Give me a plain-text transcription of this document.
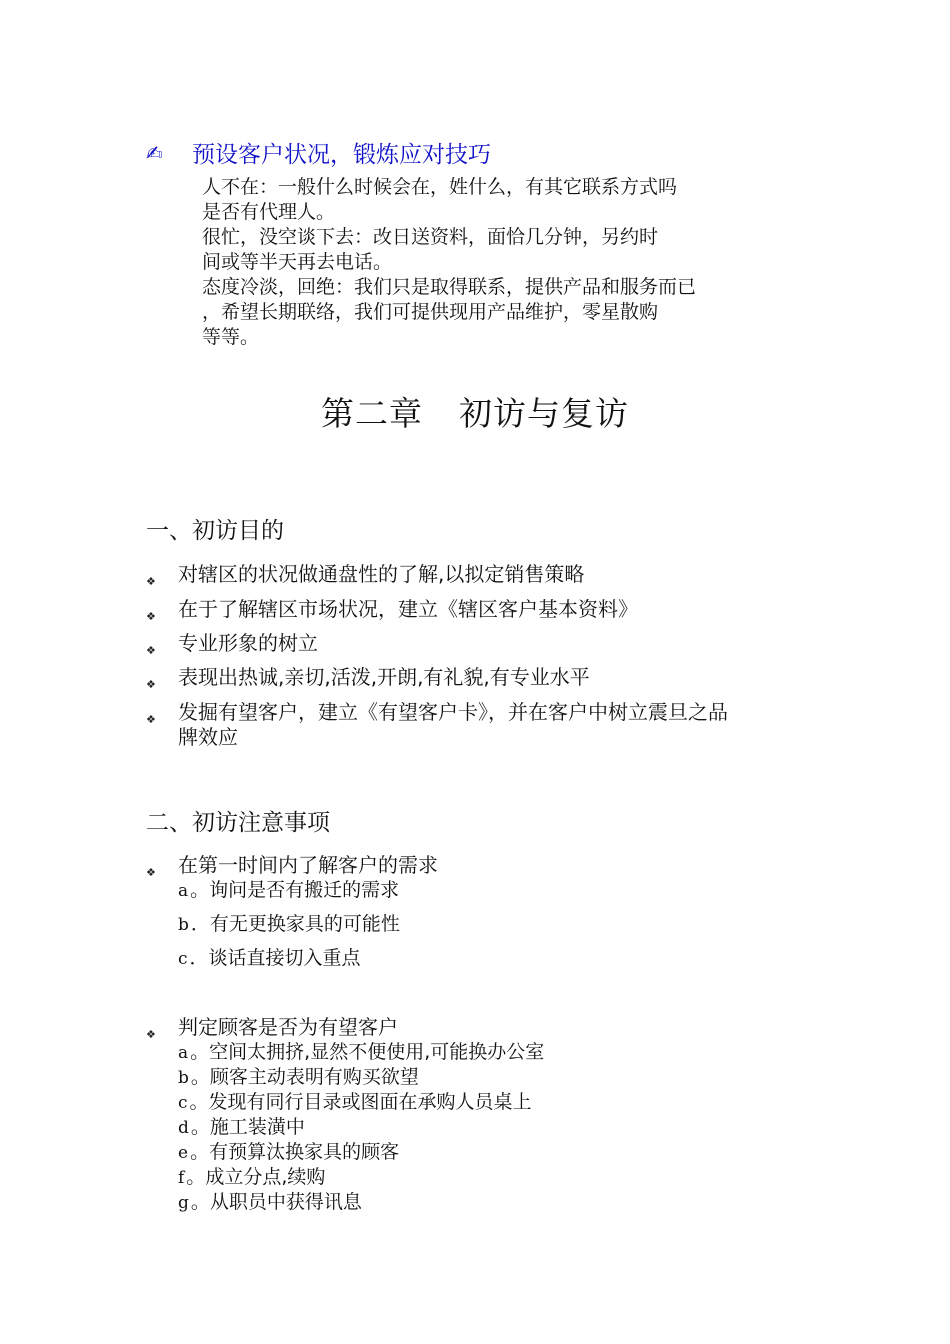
✍	预设客户状况，锻炼应对技巧
人不在：一般什么时候会在，姓什么，有其它联系方式吗
是否有代理人。
很忙，没空谈下去：改日送资料，面恰几分钟，另约时
间或等半天再去电话。
态度冷淡，回绝：我们只是取得联系，提供产品和服务而已
，希望长期联络，我们可提供现用产品维护，零星散购
等等。
第二章 初访与复访
一、初访目的
❖	对辖区的状况做通盘性的了解,以拟定销售策略
❖	在于了解辖区市场状况，建立《辖区客户基本资料》
❖	专业形象的树立
❖	表现出热诚,亲切,活泼,开朗,有礼貌,有专业水平
❖	发掘有望客户，建立《有望客户卡》，并在客户中树立震旦之品
牌效应
二、初访注意事项
❖	在第一时间内了解客户的需求
a 。询问是否有搬迁的需求
b ．有无更换家具的可能性
c ．谈话直接切入重点
❖	判定顾客是否为有望客户
a 。空间太拥挤,显然不便使用,可能换办公室
b 。顾客主动表明有购买欲望
c 。发现有同行目录或图面在承购人员桌上
d 。施工装潢中
e 。有预算汰换家具的顾客
f 。成立分点,续购
g 。从职员中获得讯息
